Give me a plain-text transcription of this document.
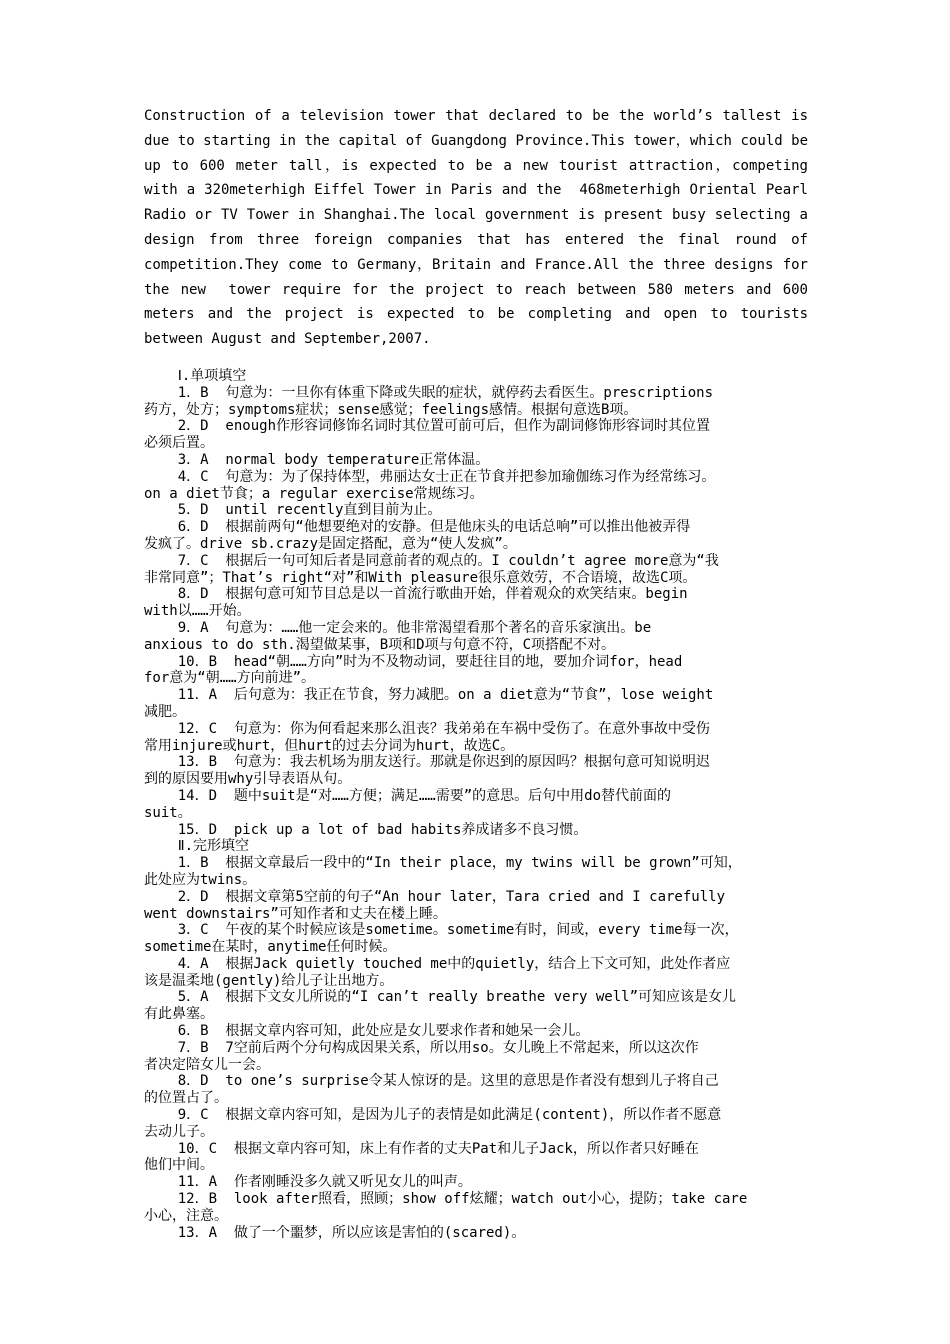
Construction of a television tower that declared to be the world’s tallest is
due to starting in the capital of Guangdong Province.This tower，which could be
up to 600 meter tall，is expected to be a new tourist attraction，competing
with a 320meterhigh Eiffel Tower in Paris and the  468meterhigh Oriental Pearl
Radio or TV Tower in Shanghai.The local government is present busy selecting a
design from three foreign companies that has entered the final round of
competition.They come to Germany，Britain and France.All the three designs for
the new  tower require for the project to reach between 580 meters and 600
meters and the project is expected to be completing and open to tourists
between August and September,2007.
Ⅰ.单项填空
1．B  句意为：一旦你有体重下降或失眠的症状，就停药去看医生。prescriptions
药方，处方；symptoms症状；sense感觉；feelings感情。根据句意选B项。
2．D  enough作形容词修饰名词时其位置可前可后，但作为副词修饰形容词时其位置
必须后置。
3．A  normal body temperature正常体温。
4．C  句意为：为了保持体型，弗丽达女士正在节食并把参加瑜伽练习作为经常练习。
on a diet节食；a regular exercise常规练习。
5．D  until recently直到目前为止。
6．D  根据前两句“他想要绝对的安静。但是他床头的电话总响”可以推出他被弄得
发疯了。drive sb.crazy是固定搭配，意为“使人发疯”。
7．C  根据后一句可知后者是同意前者的观点的。I couldn’t agree more意为“我
非常同意”；That’s right“对”和With pleasure很乐意效劳，不合语境，故选C项。
8．D  根据句意可知节目总是以一首流行歌曲开始，伴着观众的欢笑结束。begin
with以……开始。
9．A  句意为：……他一定会来的。他非常渴望看那个著名的音乐家演出。be
anxious to do sth.渴望做某事，B项和D项与句意不符，C项搭配不对。
10．B  head“朝……方向”时为不及物动词，要赶往目的地，要加介词for，head
for意为“朝……方向前进”。
11．A  后句意为：我正在节食，努力减肥。on a diet意为“节食”，lose weight
减肥。
12．C  句意为：你为何看起来那么沮丧？我弟弟在车祸中受伤了。在意外事故中受伤
常用injure或hurt，但hurt的过去分词为hurt，故选C。
13．B  句意为：我去机场为朋友送行。那就是你迟到的原因吗？根据句意可知说明迟
到的原因要用why引导表语从句。
14．D  题中suit是“对……方便；满足……需要”的意思。后句中用do替代前面的
suit。
15．D  pick up a lot of bad habits养成诸多不良习惯。
Ⅱ.完形填空
1．B  根据文章最后一段中的“In their place，my twins will be grown”可知，
此处应为twins。
2．D  根据文章第5空前的句子“An hour later，Tara cried and I carefully
went downstairs”可知作者和丈夫在楼上睡。
3．C  午夜的某个时候应该是sometime。sometime有时，间或，every time每一次，
sometime在某时，anytime任何时候。
4．A  根据Jack quietly touched me中的quietly，结合上下文可知，此处作者应
该是温柔地(gently)给儿子让出地方。
5．A  根据下文女儿所说的“I can’t really breathe very well”可知应该是女儿
有此鼻塞。
6．B  根据文章内容可知，此处应是女儿要求作者和她呆一会儿。
7．B  7空前后两个分句构成因果关系，所以用so。女儿晚上不常起来，所以这次作
者决定陪女儿一会。
8．D  to one’s surprise令某人惊讶的是。这里的意思是作者没有想到儿子将自己
的位置占了。
9．C  根据文章内容可知，是因为儿子的表情是如此满足(content)，所以作者不愿意
去动儿子。
10．C  根据文章内容可知，床上有作者的丈夫Pat和儿子Jack，所以作者只好睡在
他们中间。
11．A  作者刚睡没多久就又听见女儿的叫声。
12．B  look after照看，照顾；show off炫耀；watch out小心，提防；take care
小心，注意。
13．A  做了一个噩梦，所以应该是害怕的(scared)。
